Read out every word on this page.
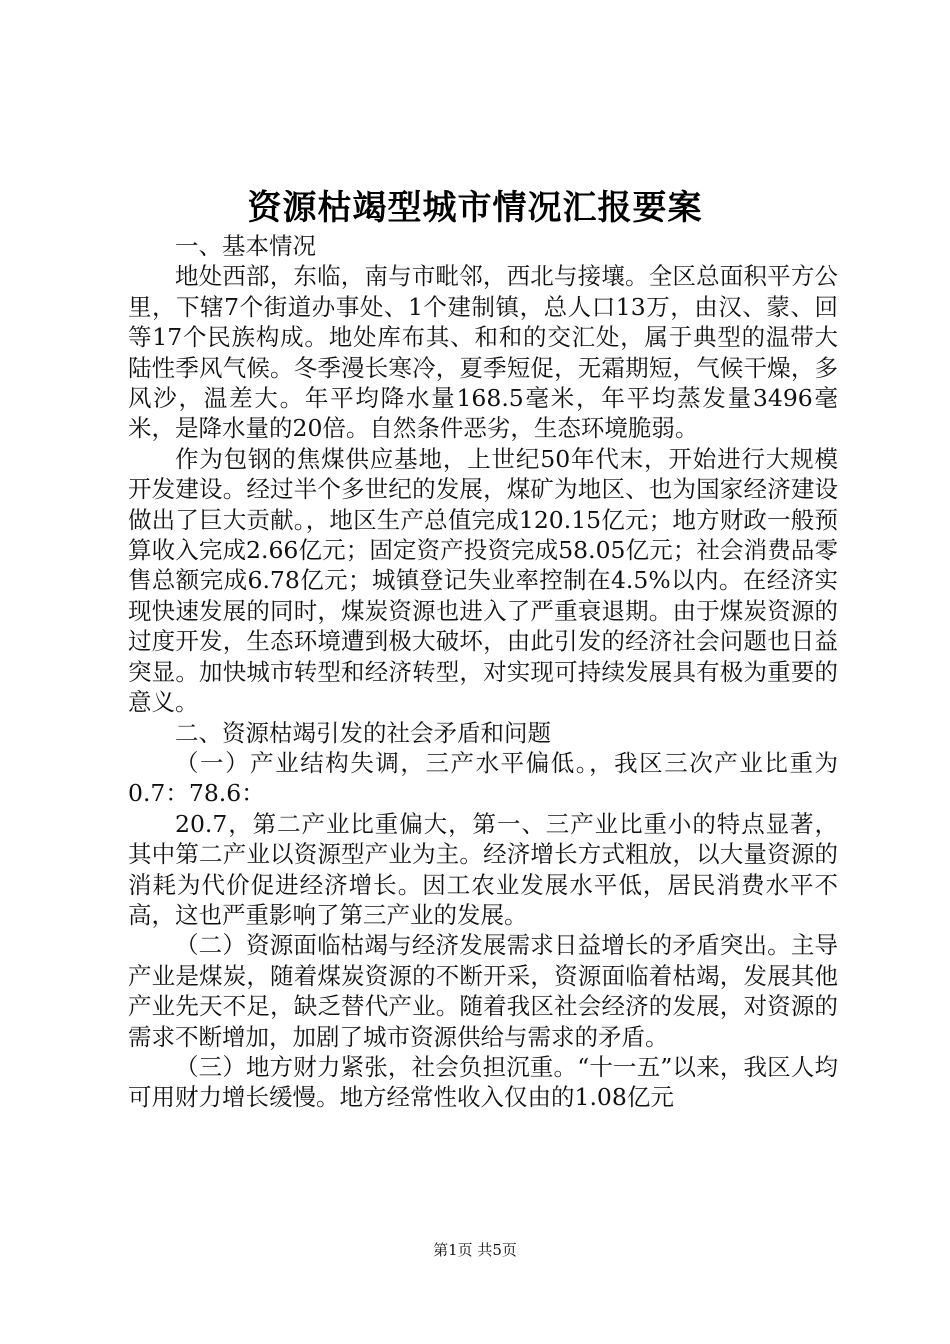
资源枯竭型城市情况汇报要案

一、基本情况

地处西部，东临，南与市毗邻，西北与接壤。全区总面积平方公里，下辖7个街道办事处、1个建制镇，总人口13万，由汉、蒙、回等17个民族构成。地处库布其、和和的交汇处，属于典型的温带大陆性季风气候。冬季漫长寒冷，夏季短促，无霜期短，气候干燥，多风沙，温差大。年平均降水量168.5毫米，年平均蒸发量3496毫米，是降水量的20倍。自然条件恶劣，生态环境脆弱。

作为包钢的焦煤供应基地，上世纪50年代末，开始进行大规模开发建设。经过半个多世纪的发展，煤矿为地区、也为国家经济建设做出了巨大贡献。，地区生产总值完成120.15亿元；地方财政一般预算收入完成2.66亿元；固定资产投资完成58.05亿元；社会消费品零售总额完成6.78亿元；城镇登记失业率控制在4.5%以内。在经济实现快速发展的同时，煤炭资源也进入了严重衰退期。由于煤炭资源的过度开发，生态环境遭到极大破坏，由此引发的经济社会问题也日益突显。加快城市转型和经济转型，对实现可持续发展具有极为重要的意义。

二、资源枯竭引发的社会矛盾和问题

（一）产业结构失调，三产水平偏低。，我区三次产业比重为0.7：78.6：

20.7，第二产业比重偏大，第一、三产业比重小的特点显著，其中第二产业以资源型产业为主。经济增长方式粗放，以大量资源的消耗为代价促进经济增长。因工农业发展水平低，居民消费水平不高，这也严重影响了第三产业的发展。

（二）资源面临枯竭与经济发展需求日益增长的矛盾突出。主导产业是煤炭，随着煤炭资源的不断开采，资源面临着枯竭，发展其他产业先天不足，缺乏替代产业。随着我区社会经济的发展，对资源的需求不断增加，加剧了城市资源供给与需求的矛盾。

（三）地方财力紧张，社会负担沉重。“十一五”以来，我区人均可用财力增长缓慢。地方经常性收入仅由的1.08亿元

第1页 共5页
